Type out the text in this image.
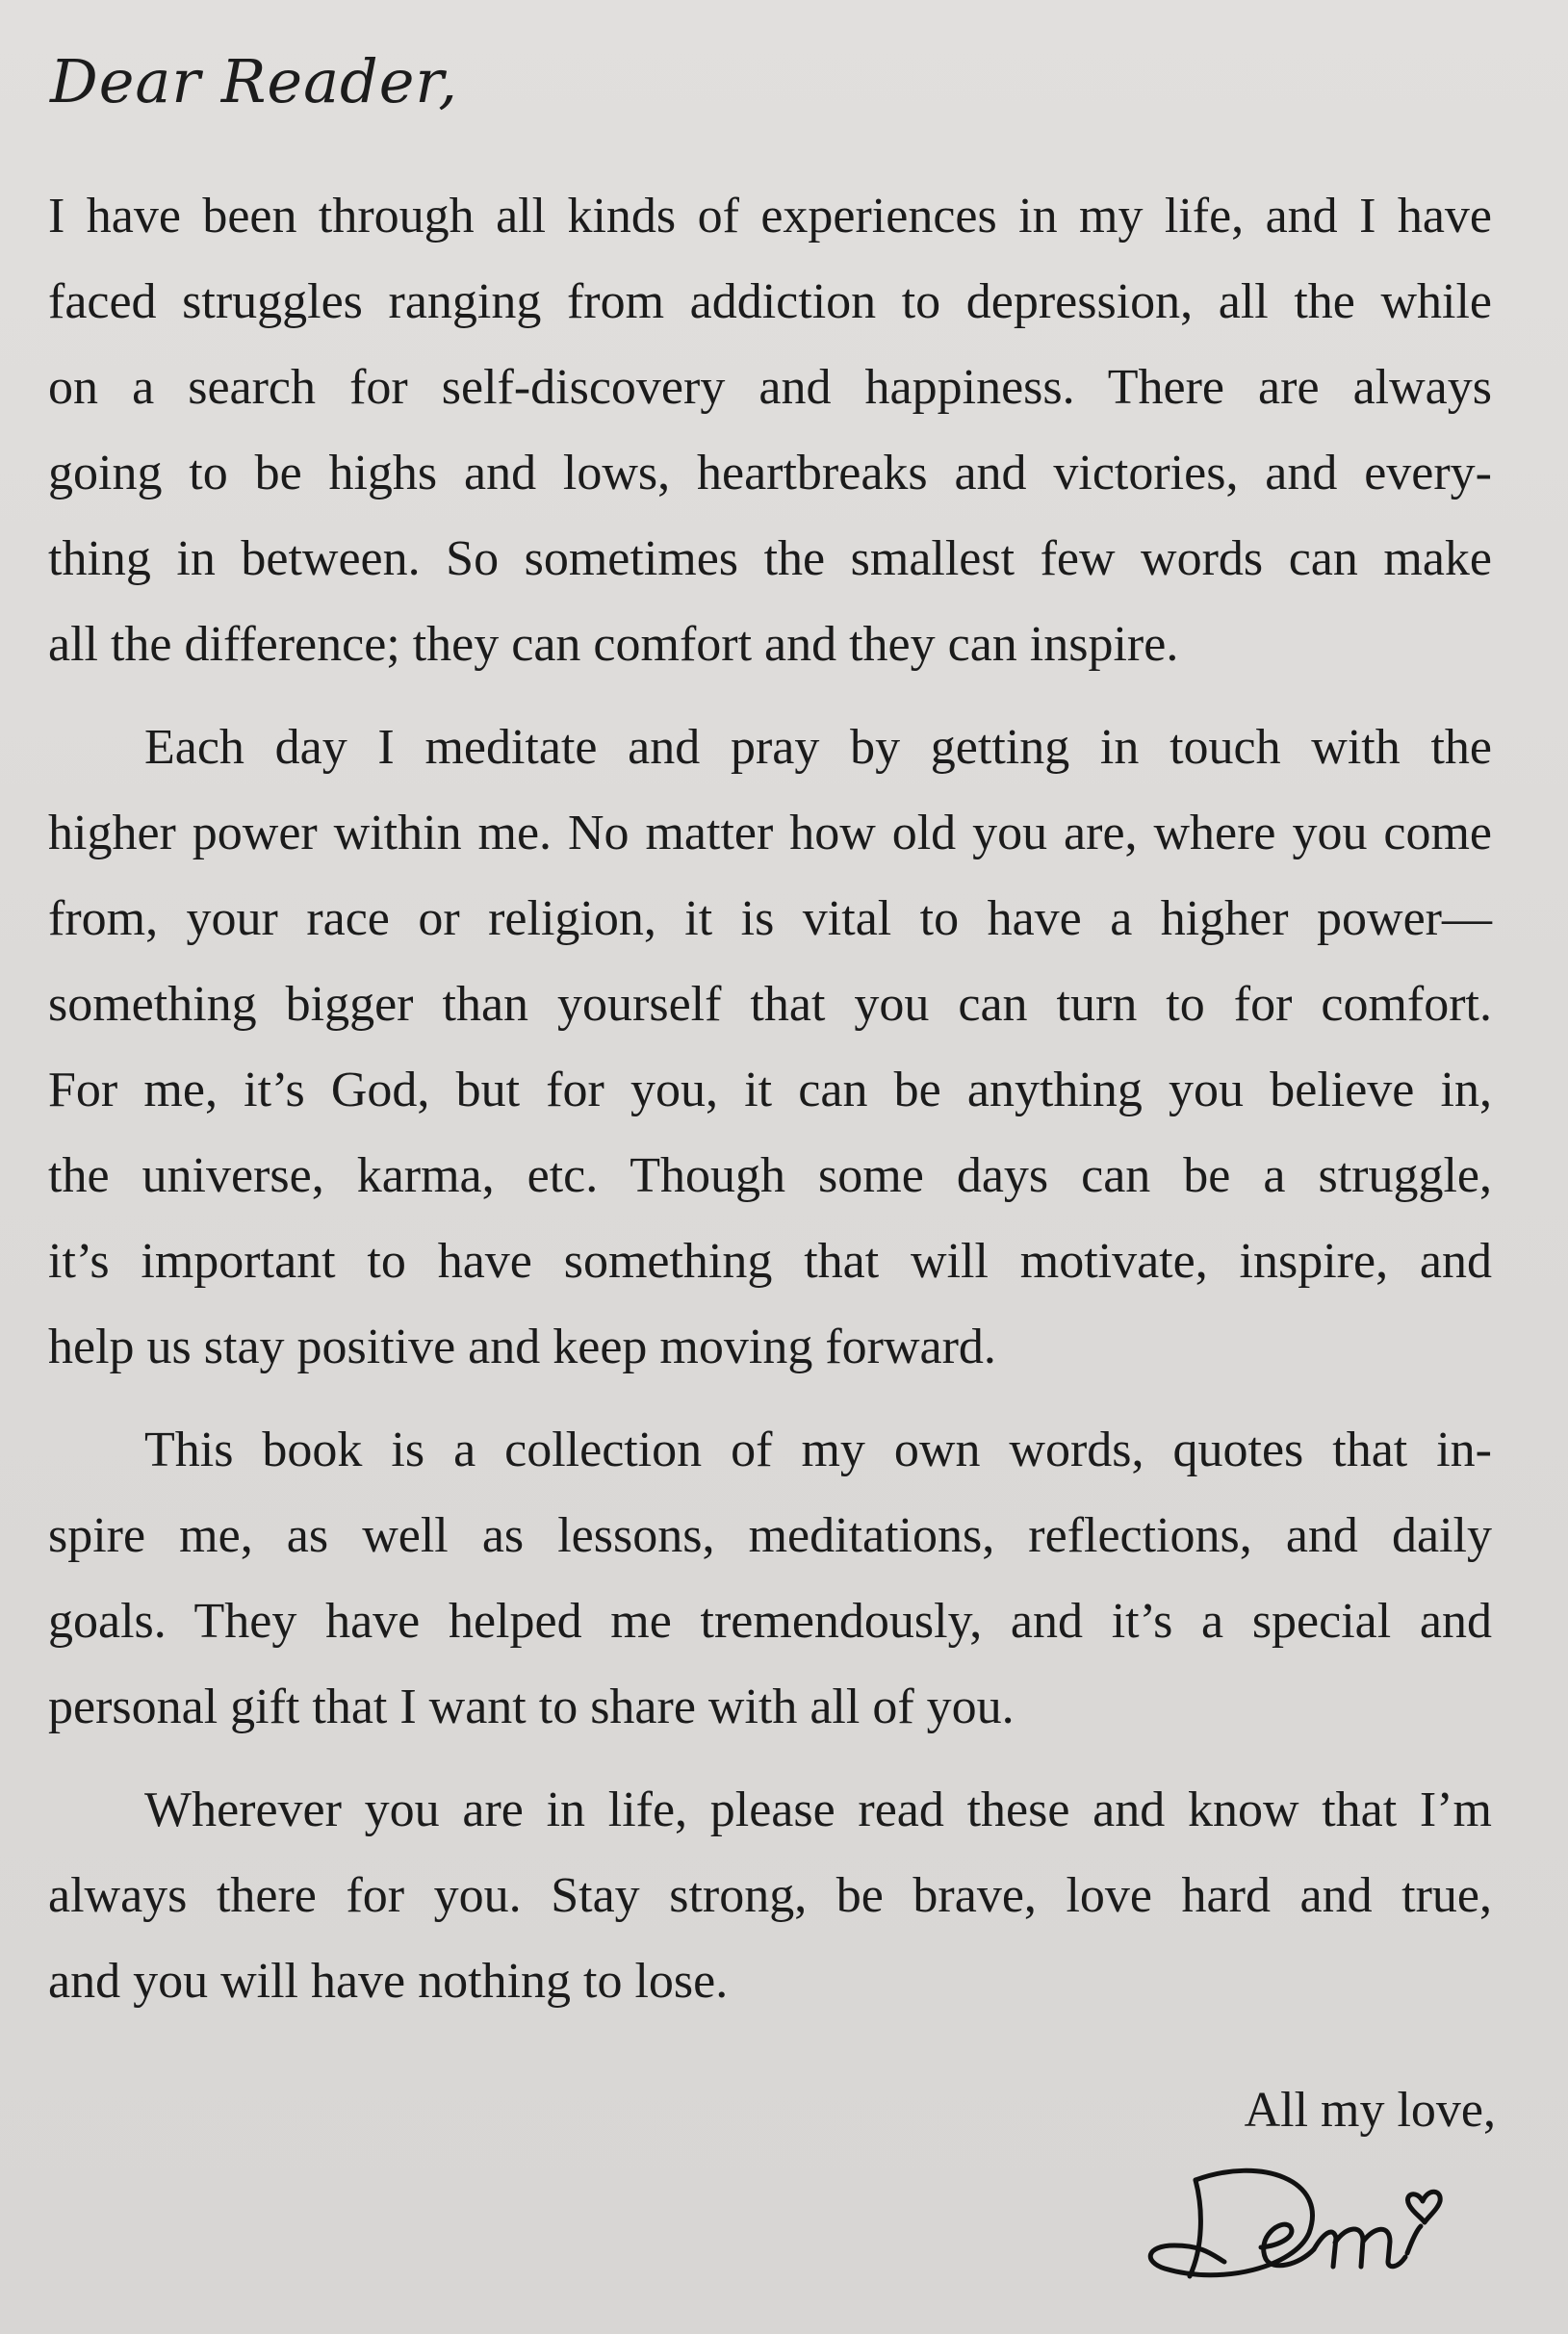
Dear Reader,

I have been through all kinds of experiences in my life, and I have
faced struggles ranging from addiction to depression, all the while
on a search for self-discovery and happiness. There are always
going to be highs and lows, heartbreaks and victories, and every-
thing in between. So sometimes the smallest few words can make
all the difference; they can comfort and they can inspire.

Each day I meditate and pray by getting in touch with the
higher power within me. No matter how old you are, where you come
from, your race or religion, it is vital to have a higher power—
something bigger than yourself that you can turn to for comfort.
For me, it’s God, but for you, it can be anything you believe in,
the universe, karma, etc. Though some days can be a struggle,
it’s important to have something that will motivate, inspire, and
help us stay positive and keep moving forward.

This book is a collection of my own words, quotes that in-
spire me, as well as lessons, meditations, reflections, and daily
goals. They have helped me tremendously, and it’s a special and
personal gift that I want to share with all of you.

Wherever you are in life, please read these and know that I’m
always there for you. Stay strong, be brave, love hard and true,
and you will have nothing to lose.

All my love,
